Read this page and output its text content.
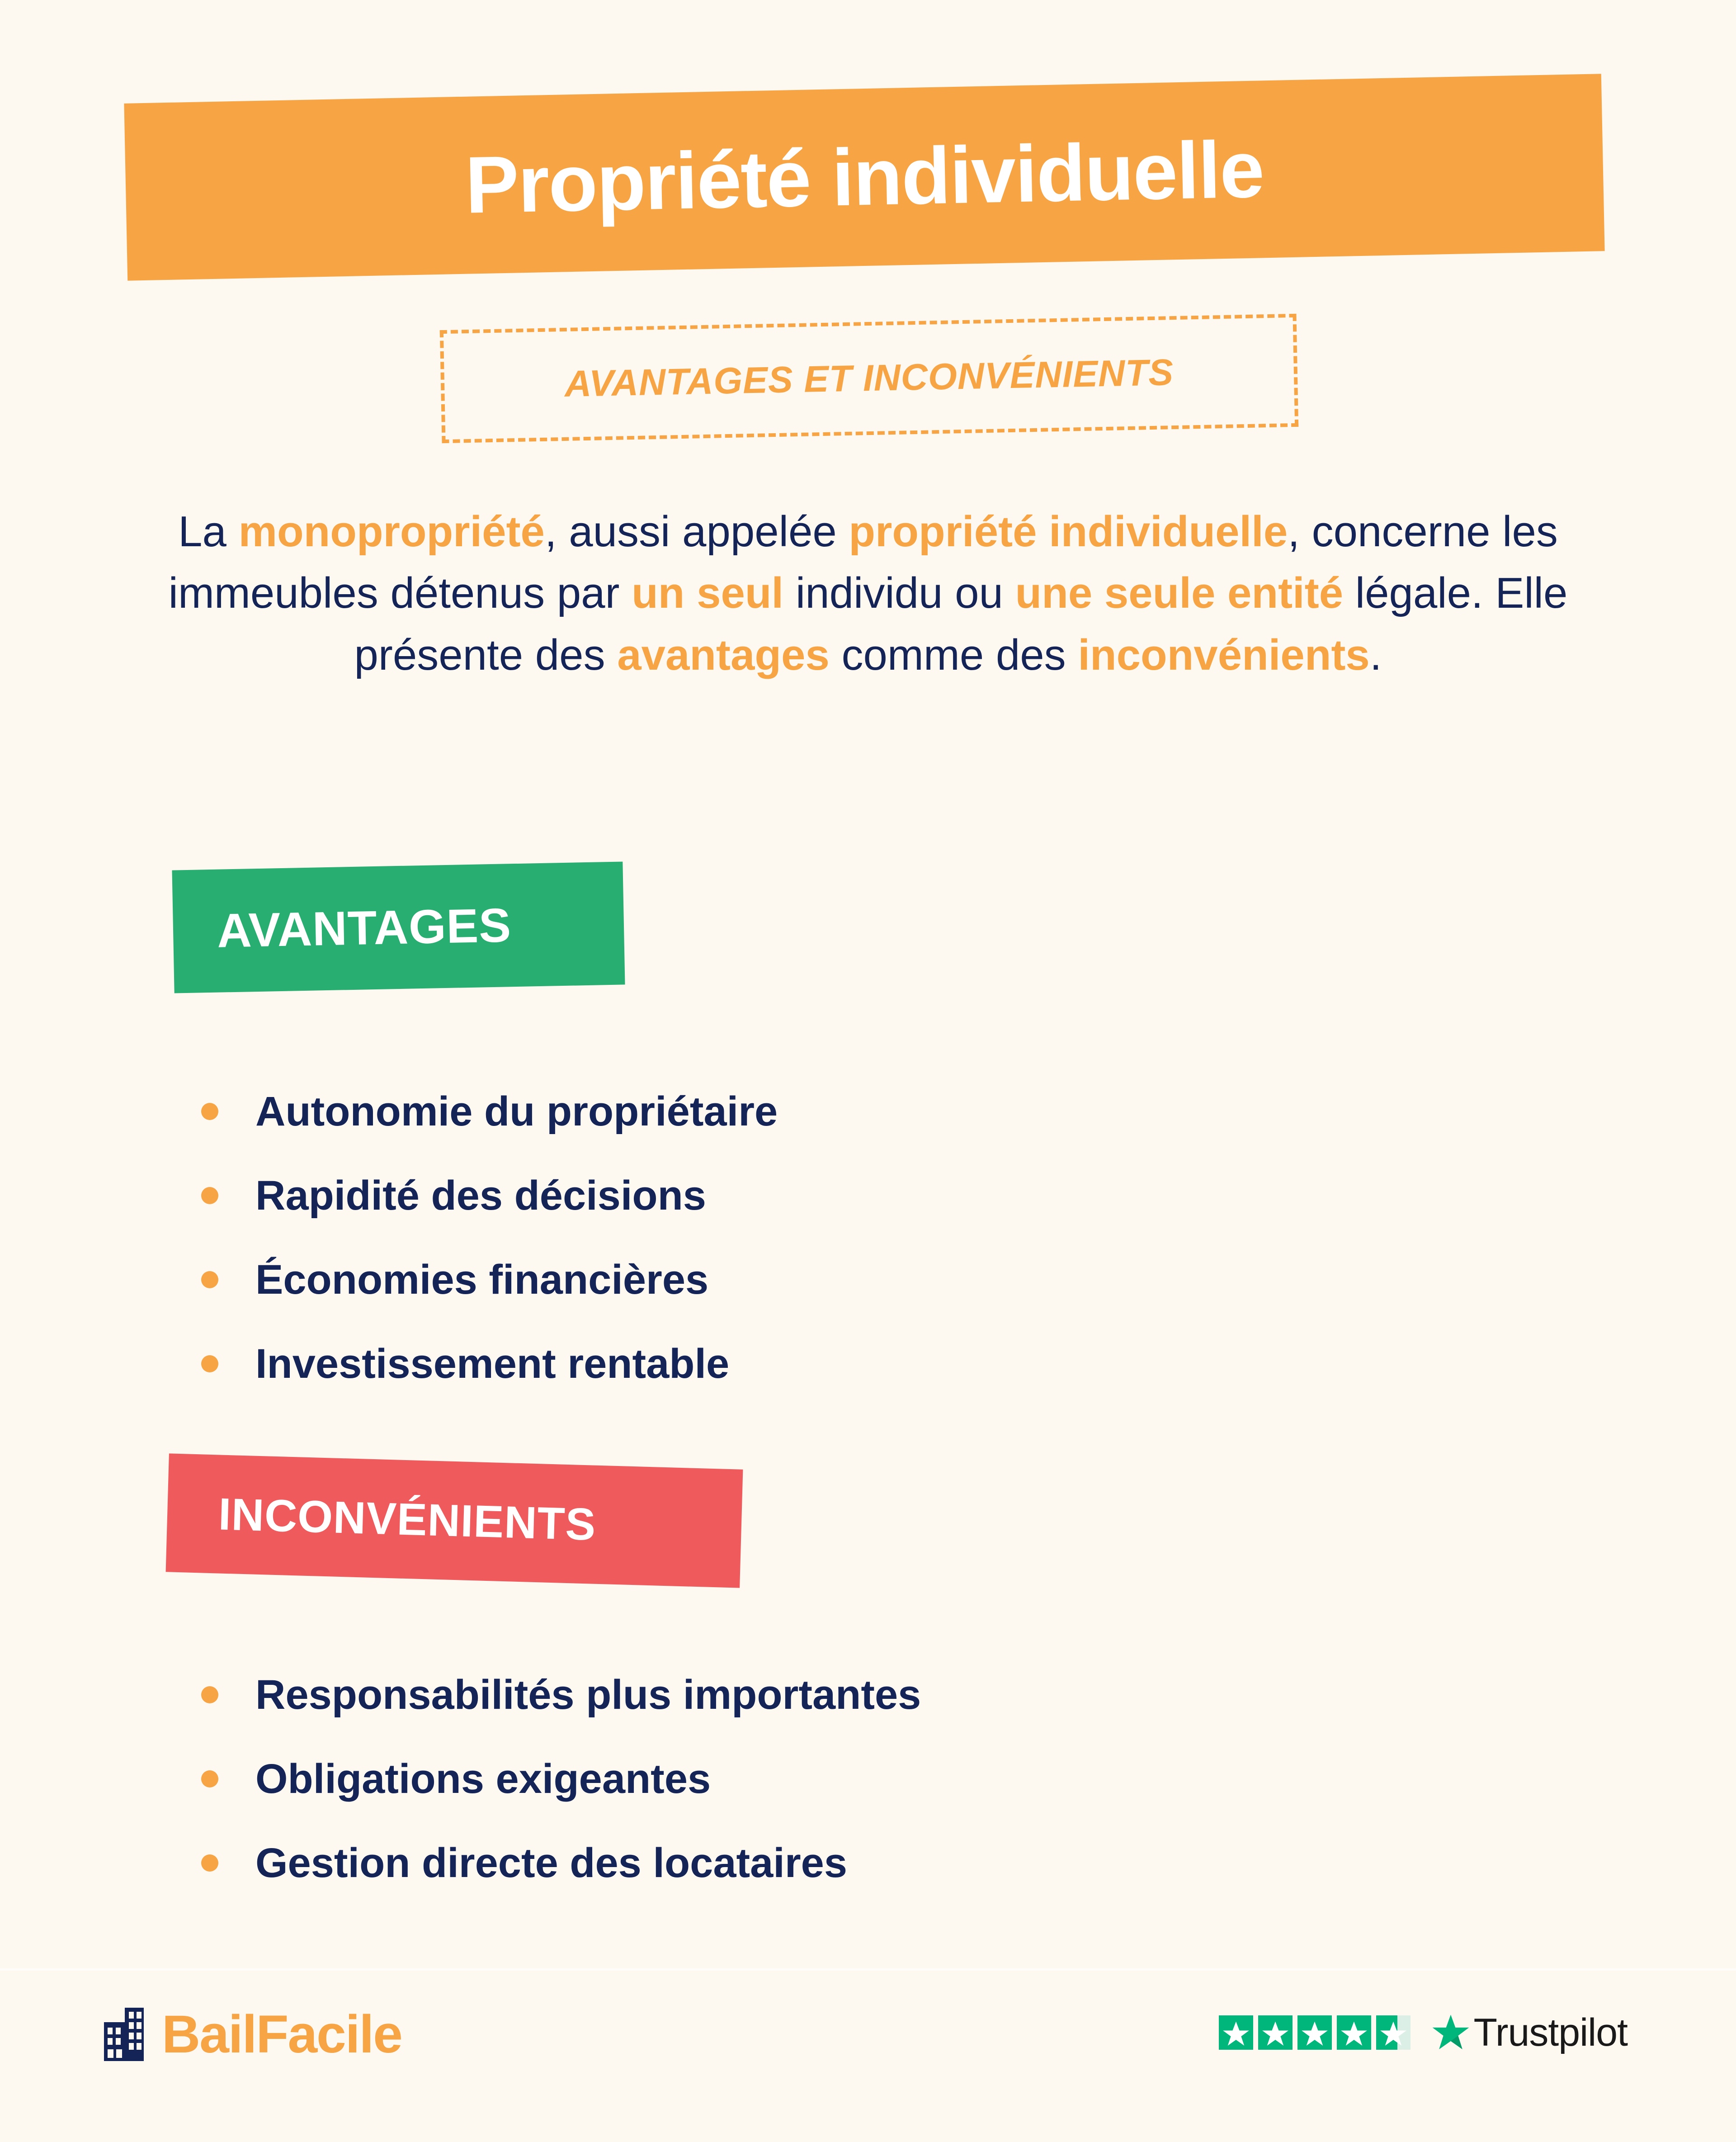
Propriété individuelle
AVANTAGES ET INCONVÉNIENTS
La monopropriété, aussi appelée propriété individuelle, concerne les immeubles détenus par un seul individu ou une seule entité légale. Elle présente des avantages comme des inconvénients.
AVANTAGES
Autonomie du propriétaire
Rapidité des décisions
Économies financières
Investissement rentable
INCONVÉNIENTS
Responsabilités plus importantes
Obligations exigeantes
Gestion directe des locataires
BailFacile	Trustpilot
